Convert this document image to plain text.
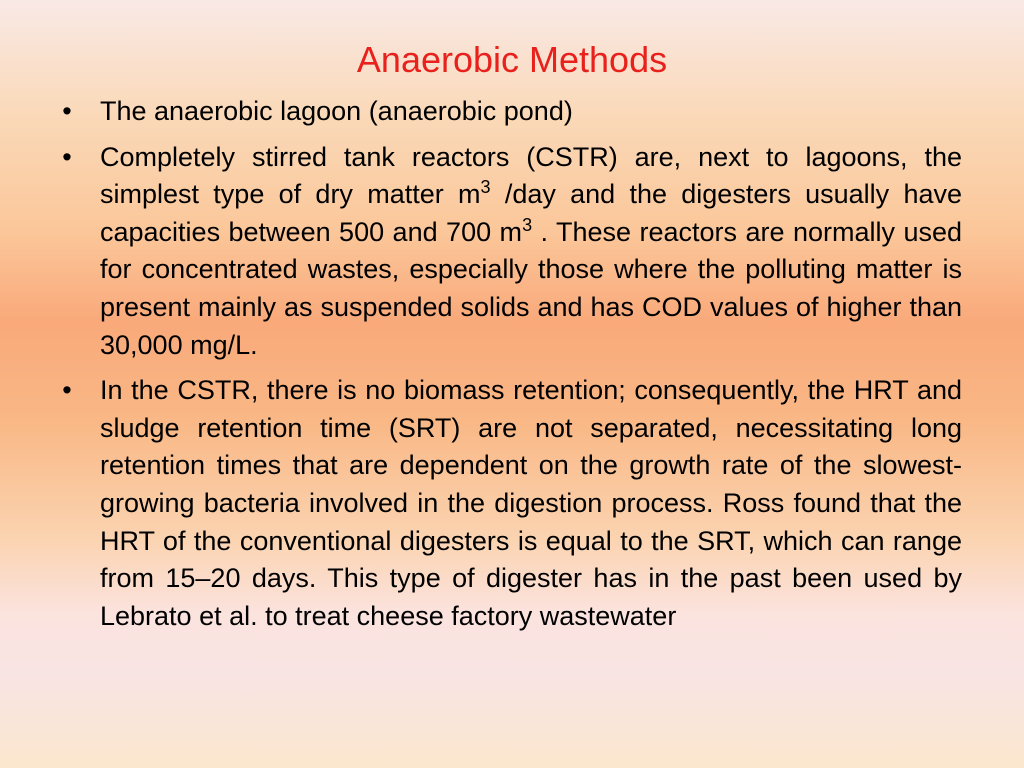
Anaerobic Methods
• The anaerobic lagoon (anaerobic pond)
• Completely stirred tank reactors (CSTR) are, next to lagoons, the simplest type of dry matter $m^3$ /day and the digesters usually have capacities between 500 and 700 $m^3$ . These reactors are normally used for concentrated wastes, especially those where the polluting matter is present mainly as suspended solids and has COD values of higher than 30,000 mg/L.
• In the CSTR, there is no biomass retention; consequently, the HRT and sludge retention time (SRT) are not separated, necessitating long retention times that are dependent on the growth rate of the slowest-growing bacteria involved in the digestion process. Ross found that the HRT of the conventional digesters is equal to the SRT, which can range from 15–20 days. This type of digester has in the past been used by Lebrato et al. to treat cheese factory wastewater
